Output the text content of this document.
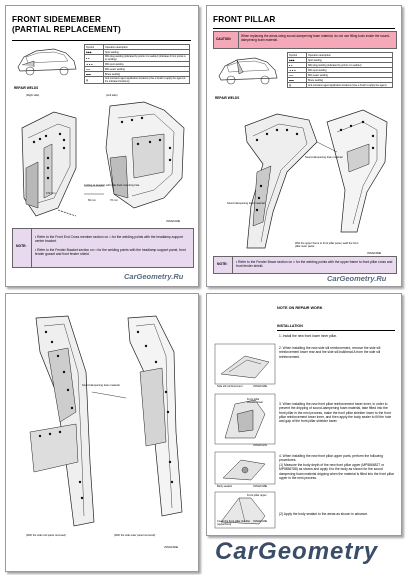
FRONT SIDEMEMBER (PARTIAL REPLACEMENT)
Symbol	Operation description
◆◆◆	Spot welding
● ●	MIG plug welding (indicated by points 1 to wellder) (Indicates 8 mm points is to welding)
▲▲▲	MIG spot welding
━━━	MIG seam welding
▬▬	Brace welding
▨	Anti-corrosion agent application locations (Use a brush to apply the agent at the indicated locations)
REPAIR WELDS
(Right side)	(Left side)
Cutting at (angles) with side hook mounting hole
470 mm
60 mm	70 mm
JSNA0413E
NOTE:
• Refer to the Front End Cross member section on □ for the welding points with the headlamp-support center bracket.
• Refer to the Fender Bracket section on □ for the welding points with the headlamp support panel, front fender gusset and front fender shield.
CarGeometry.Ru
FRONT PILLAR
CAUTION
When replacing the areas using sound-dampening foam material, do not use filling tools inside the sound-dampening foam material.
Symbol	Operation description
◆◆◆	Spot welding
● ●	MIG plug welding (indicated by points 1 to wellder)
▲▲▲	MIG spot welding
━━━	MIG seam welding
▬▬	Brace welding
▨	Anti-corrosion agent application locations (Use a brush to apply the agent)
REPAIR WELDS
Sound dampening foam material
Sound dampening foam material
With the upper frame to front pillar panel, weld the front pillar outer panel.
JSNA0430E
NOTE:	• Refer to the Fender Brace section on □ for the welding points with the upper frame to front pillar cross and front fender shield.
CarGeometry.Ru
Sound dampening foam material
(With the side roof panel removed)	(With the side outer panel removed)
JSNA0434E
NOTE ON REPAIR WORK
INSTALLATION
1. Install the new front lower inner pillar.
2. When installing the new side sill reinforcement, remove the side sill reinforcement lower rear and the side sill bulkhead A from the side sill reinforcement.
Side sill reinforcement	JSNA0416E
Front pillar shielder lower
JSNA0417E
3. When installing the new front pillar reinforcement lower inner, in order to prevent the dripping of sound-dampening foam material, take fitted into the front pillar in the next process, make the front pillar shielder lower to the front pillar reinforcement lower inner, and then apply the body sealer to fill the hole and gap of the front pillar shielder lower.
Body sealant	JSNA0418E
4. When installing the new front pillar upper parts, perform the following procedures.
(1) Measure the body depth of the new front pillar upper (MP5866527 or MP5856788) as shown and apply it to the body as shown for the sound dampening foam material dripping when the material is filled into the front pillar upper in the next process.
Front pillar upper
Cover the front pillar shielder (upper/front)
JSNA0419E
(2) Apply the body sealant to the areas as shown in advance.
CarGeometry
